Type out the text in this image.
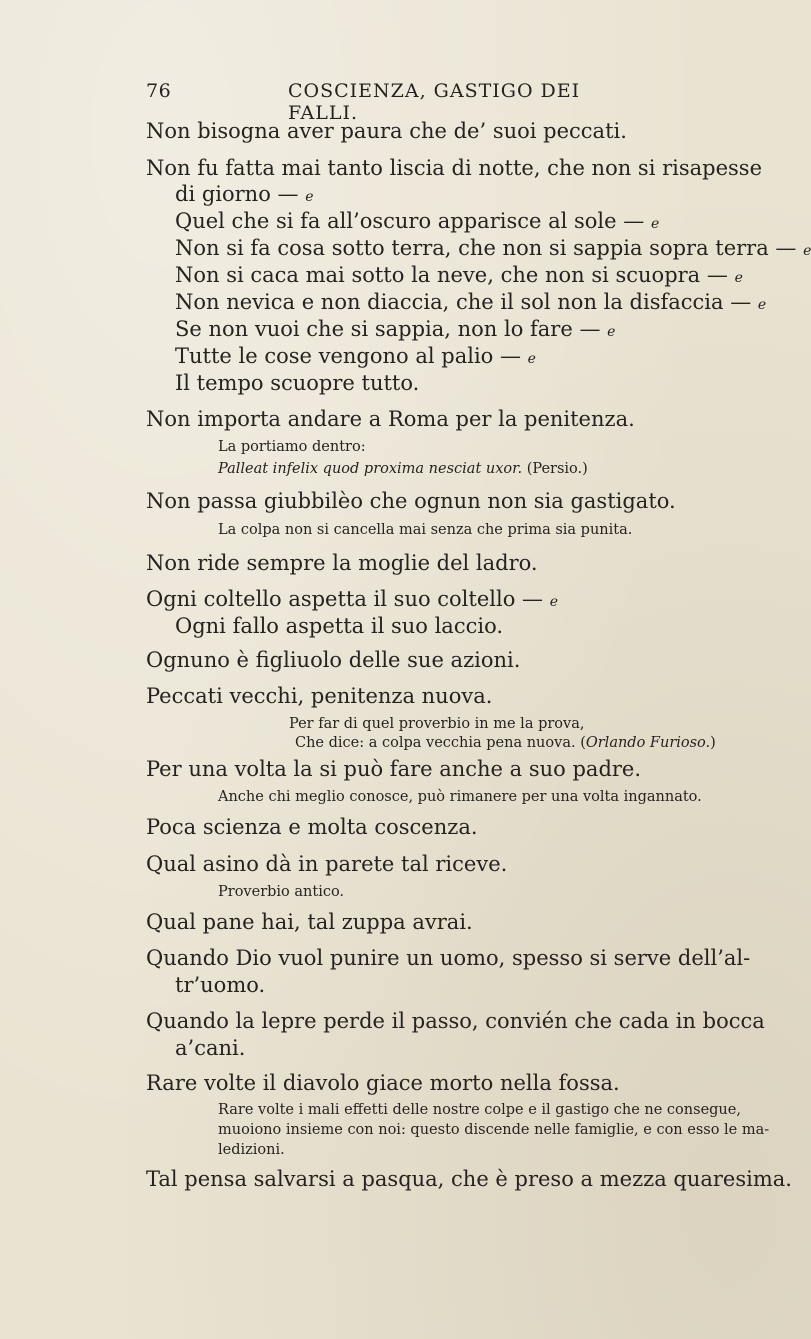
76	COSCIENZA, GASTIGO DEI FALLI.
Non bisogna aver paura che de’ suoi peccati.
Non fu fatta mai tanto liscia di notte, che non si risapesse
di giorno — e
Quel che si fa all’oscuro apparisce al sole — e
Non si fa cosa sotto terra, che non si sappia sopra terra — e
Non si caca mai sotto la neve, che non si scuopra — e
Non nevica e non diaccia, che il sol non la disfaccia — e
Se non vuoi che si sappia, non lo fare — e
Tutte le cose vengono al palio — e
Il tempo scuopre tutto.
Non importa andare a Roma per la penitenza.
La portiamo dentro:
Palleat infelix quod proxima nesciat uxor. (Persio.)
Non passa giubbilèo che ognun non sia gastigato.
La colpa non si cancella mai senza che prima sia punita.
Non ride sempre la moglie del ladro.
Ogni coltello aspetta il suo coltello — e
Ogni fallo aspetta il suo laccio.
Ognuno è figliuolo delle sue azioni.
Peccati vecchi, penitenza nuova.
Per far di quel proverbio in me la prova,
Che dice: a colpa vecchia pena nuova. (Orlando Furioso.)
Per una volta la si può fare anche a suo padre.
Anche chi meglio conosce, può rimanere per una volta ingannato.
Poca scienza e molta coscenza.
Qual asino dà in parete tal riceve.
Proverbio antico.
Qual pane hai, tal zuppa avrai.
Quando Dio vuol punire un uomo, spesso si serve dell’al-
tr’uomo.
Quando la lepre perde il passo, convién che cada in bocca
a’cani.
Rare volte il diavolo giace morto nella fossa.
Rare volte i mali effetti delle nostre colpe e il gastigo che ne consegue,
muoiono insieme con noi: questo discende nelle famiglie, e con esso le ma-
ledizioni.
Tal pensa salvarsi a pasqua, che è preso a mezza quaresima.
